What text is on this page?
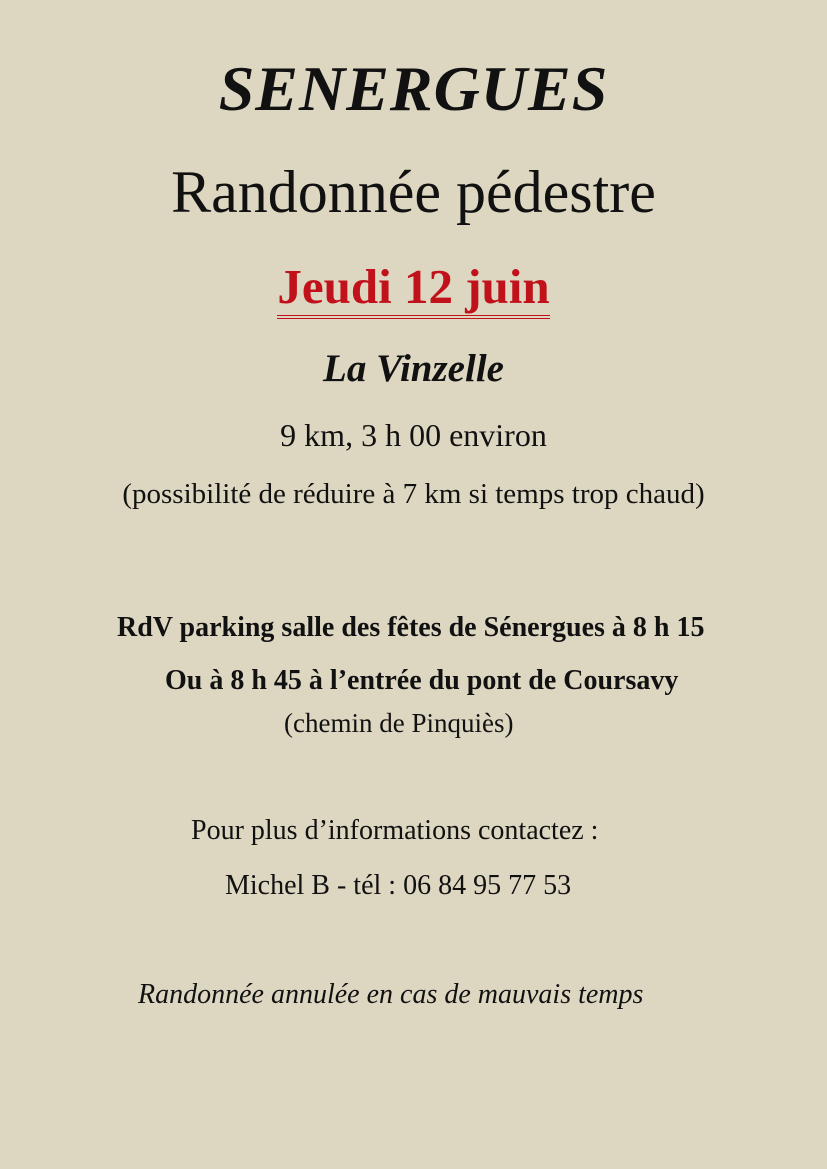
SENERGUES
Randonnée pédestre
Jeudi 12 juin
La Vinzelle
9 km, 3 h 00 environ
(possibilité de réduire à 7 km si temps trop chaud)
RdV parking salle des fêtes de Sénergues à 8 h 15
Ou à 8 h 45 à l’entrée du pont de Coursavy
(chemin de Pinquiès)
Pour plus d’informations contactez :
Michel B - tél : 06 84 95 77 53
Randonnée annulée en cas de mauvais temps
